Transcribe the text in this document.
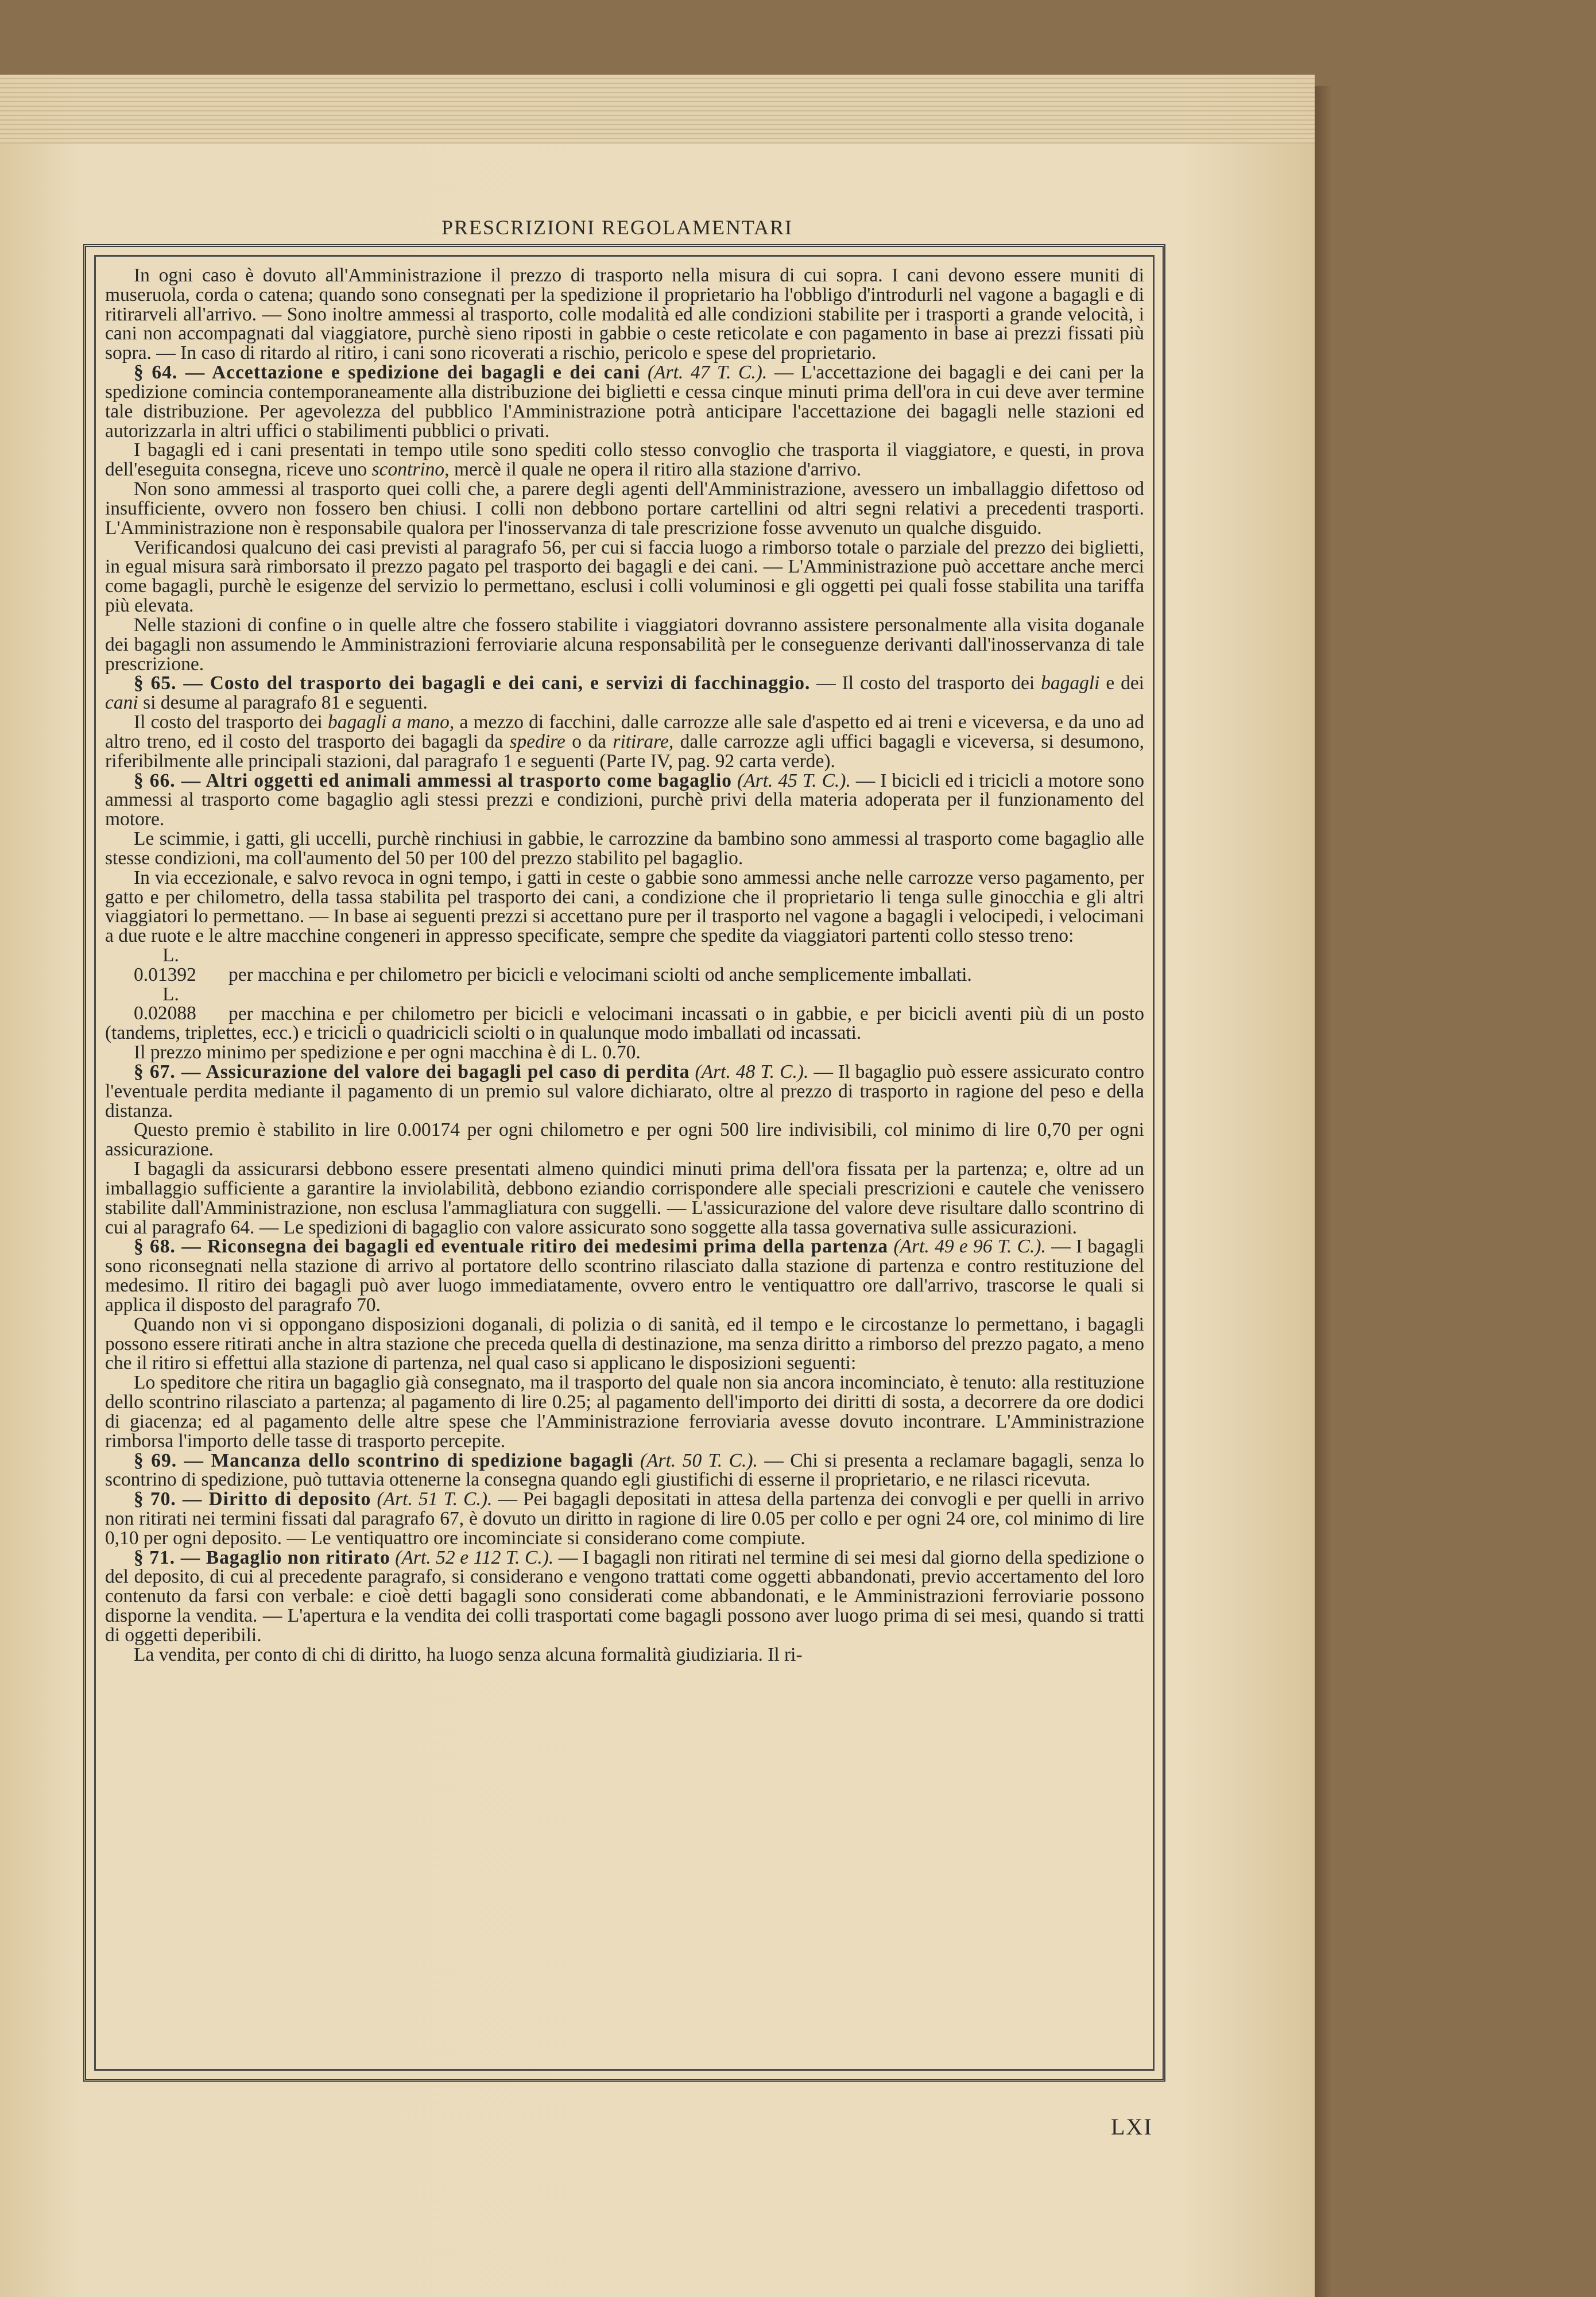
PRESCRIZIONI REGOLAMENTARI

In ogni caso è dovuto all'Amministrazione il prezzo di trasporto nella misura di cui sopra. I cani devono essere muniti di museruola, corda o catena; quando sono consegnati per la spedizione il proprietario ha l'obbligo d'introdurli nel vagone a bagagli e di ritirarveli all'arrivo. — Sono inoltre ammessi al trasporto, colle modalità ed alle condizioni stabilite per i trasporti a grande velocità, i cani non accompagnati dal viaggiatore, purchè sieno riposti in gabbie o ceste reticolate e con pagamento in base ai prezzi fissati più sopra. — In caso di ritardo al ritiro, i cani sono ricoverati a rischio, pericolo e spese del proprietario.

§ 64. — Accettazione e spedizione dei bagagli e dei cani (Art. 47 T. C.). — L'accettazione dei bagagli e dei cani per la spedizione comincia contemporaneamente alla distribuzione dei biglietti e cessa cinque minuti prima dell'ora in cui deve aver termine tale distribuzione. Per agevolezza del pubblico l'Amministrazione potrà anticipare l'accettazione dei bagagli nelle stazioni ed autorizzarla in altri uffici o stabilimenti pubblici o privati.

I bagagli ed i cani presentati in tempo utile sono spediti collo stesso convoglio che trasporta il viaggiatore, e questi, in prova dell'eseguita consegna, riceve uno scontrino, mercè il quale ne opera il ritiro alla stazione d'arrivo.

Non sono ammessi al trasporto quei colli che, a parere degli agenti dell'Amministrazione, avessero un imballaggio difettoso od insufficiente, ovvero non fossero ben chiusi. I colli non debbono portare cartellini od altri segni relativi a precedenti trasporti. L'Amministrazione non è responsabile qualora per l'inosservanza di tale prescrizione fosse avvenuto un qualche disguido.

Verificandosi qualcuno dei casi previsti al paragrafo 56, per cui si faccia luogo a rimborso totale o parziale del prezzo dei biglietti, in egual misura sarà rimborsato il prezzo pagato pel trasporto dei bagagli e dei cani. — L'Amministrazione può accettare anche merci come bagagli, purchè le esigenze del servizio lo permettano, esclusi i colli voluminosi e gli oggetti pei quali fosse stabilita una tariffa più elevata.

Nelle stazioni di confine o in quelle altre che fossero stabilite i viaggiatori dovranno assistere personalmente alla visita doganale dei bagagli non assumendo le Amministrazioni ferroviarie alcuna responsabilità per le conseguenze derivanti dall'inosservanza di tale prescrizione.

§ 65. — Costo del trasporto dei bagagli e dei cani, e servizi di facchinaggio. — Il costo del trasporto dei bagagli e dei cani si desume al paragrafo 81 e seguenti.

Il costo del trasporto dei bagagli a mano, a mezzo di facchini, dalle carrozze alle sale d'aspetto ed ai treni e viceversa, e da uno ad altro treno, ed il costo del trasporto dei bagagli da spedire o da ritirare, dalle carrozze agli uffici bagagli e viceversa, si desumono, riferibilmente alle principali stazioni, dal paragrafo 1 e seguenti (Parte IV, pag. 92 carta verde).

§ 66. — Altri oggetti ed animali ammessi al trasporto come bagaglio (Art. 45 T. C.). — I bicicli ed i tricicli a motore sono ammessi al trasporto come bagaglio agli stessi prezzi e condizioni, purchè privi della materia adoperata per il funzionamento del motore.

Le scimmie, i gatti, gli uccelli, purchè rinchiusi in gabbie, le carrozzine da bambino sono ammessi al trasporto come bagaglio alle stesse condizioni, ma coll'aumento del 50 per 100 del prezzo stabilito pel bagaglio.

In via eccezionale, e salvo revoca in ogni tempo, i gatti in ceste o gabbie sono ammessi anche nelle carrozze verso pagamento, per gatto e per chilometro, della tassa stabilita pel trasporto dei cani, a condizione che il proprietario li tenga sulle ginocchia e gli altri viaggiatori lo permettano. — In base ai seguenti prezzi si accettano pure per il trasporto nel vagone a bagagli i velocipedi, i velocimani a due ruote e le altre macchine congeneri in appresso specificate, sempre che spedite da viaggiatori partenti collo stesso treno:

L. 0.01392 per macchina e per chilometro per bicicli e velocimani sciolti od anche semplicemente imballati.

L. 0.02088 per macchina e per chilometro per bicicli e velocimani incassati o in gabbie, e per bicicli aventi più di un posto (tandems, triplettes, ecc.) e tricicli o quadricicli sciolti o in qualunque modo imballati od incassati.

Il prezzo minimo per spedizione e per ogni macchina è di L. 0.70.

§ 67. — Assicurazione del valore dei bagagli pel caso di perdita (Art. 48 T. C.). — Il bagaglio può essere assicurato contro l'eventuale perdita mediante il pagamento di un premio sul valore dichiarato, oltre al prezzo di trasporto in ragione del peso e della distanza.

Questo premio è stabilito in lire 0.00174 per ogni chilometro e per ogni 500 lire indivisibili, col minimo di lire 0,70 per ogni assicurazione.

I bagagli da assicurarsi debbono essere presentati almeno quindici minuti prima dell'ora fissata per la partenza; e, oltre ad un imballaggio sufficiente a garantire la inviolabilità, debbono eziandio corrispondere alle speciali prescrizioni e cautele che venissero stabilite dall'Amministrazione, non esclusa l'ammagliatura con suggelli. — L'assicurazione del valore deve risultare dallo scontrino di cui al paragrafo 64. — Le spedizioni di bagaglio con valore assicurato sono soggette alla tassa governativa sulle assicurazioni.

§ 68. — Riconsegna dei bagagli ed eventuale ritiro dei medesimi prima della partenza (Art. 49 e 96 T. C.). — I bagagli sono riconsegnati nella stazione di arrivo al portatore dello scontrino rilasciato dalla stazione di partenza e contro restituzione del medesimo. Il ritiro dei bagagli può aver luogo immediatamente, ovvero entro le ventiquattro ore dall'arrivo, trascorse le quali si applica il disposto del paragrafo 70.

Quando non vi si oppongano disposizioni doganali, di polizia o di sanità, ed il tempo e le circostanze lo permettano, i bagagli possono essere ritirati anche in altra stazione che preceda quella di destinazione, ma senza diritto a rimborso del prezzo pagato, a meno che il ritiro si effettui alla stazione di partenza, nel qual caso si applicano le disposizioni seguenti:

Lo speditore che ritira un bagaglio già consegnato, ma il trasporto del quale non sia ancora incominciato, è tenuto: alla restituzione dello scontrino rilasciato a partenza; al pagamento di lire 0.25; al pagamento dell'importo dei diritti di sosta, a decorrere da ore dodici di giacenza; ed al pagamento delle altre spese che l'Amministrazione ferroviaria avesse dovuto incontrare. L'Amministrazione rimborsa l'importo delle tasse di trasporto percepite.

§ 69. — Mancanza dello scontrino di spedizione bagagli (Art. 50 T. C.). — Chi si presenta a reclamare bagagli, senza lo scontrino di spedizione, può tuttavia ottenerne la consegna quando egli giustifichi di esserne il proprietario, e ne rilasci ricevuta.

§ 70. — Diritto di deposito (Art. 51 T. C.). — Pei bagagli depositati in attesa della partenza dei convogli e per quelli in arrivo non ritirati nei termini fissati dal paragrafo 67, è dovuto un diritto in ragione di lire 0.05 per collo e per ogni 24 ore, col minimo di lire 0,10 per ogni deposito. — Le ventiquattro ore incominciate si considerano come compiute.

§ 71. — Bagaglio non ritirato (Art. 52 e 112 T. C.). — I bagagli non ritirati nel termine di sei mesi dal giorno della spedizione o del deposito, di cui al precedente paragrafo, si considerano e vengono trattati come oggetti abbandonati, previo accertamento del loro contenuto da farsi con verbale: e cioè detti bagagli sono considerati come abbandonati, e le Amministrazioni ferroviarie possono disporne la vendita. — L'apertura e la vendita dei colli trasportati come bagagli possono aver luogo prima di sei mesi, quando si tratti di oggetti deperibili.

La vendita, per conto di chi di diritto, ha luogo senza alcuna formalità giudiziaria. Il ri-

LXI
